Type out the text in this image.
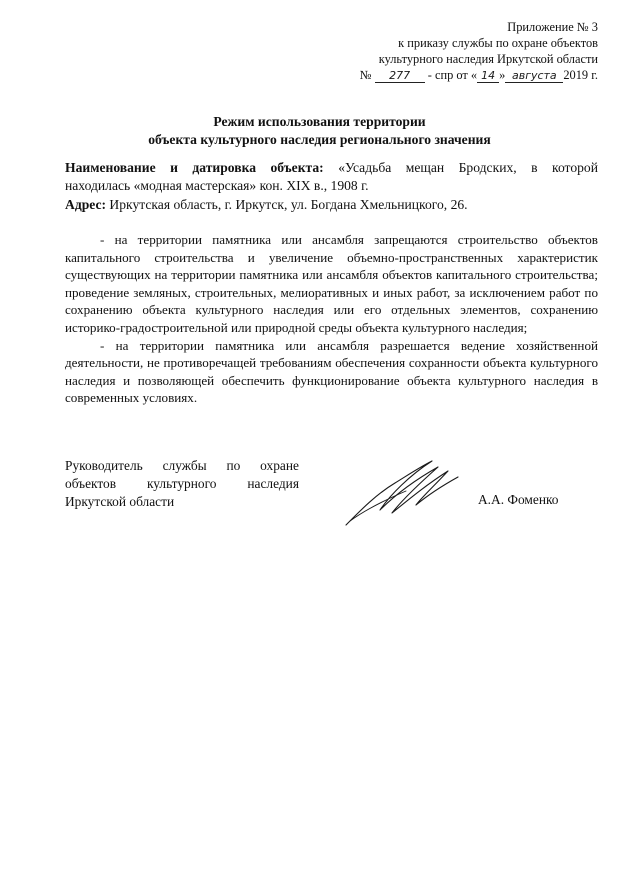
Приложение № 3
к приказу службы по охране объектов
культурного наследия Иркутской области
№ 277 - спр от « 14 » августа 2019 г.
Режим использования территории
объекта культурного наследия регионального значения
Наименование и датировка объекта: «Усадьба мещан Бродских, в которой
находилась «модная мастерская» кон. XIX в., 1908 г.
Адрес: Иркутская область, г. Иркутск, ул. Богдана Хмельницкого, 26.

- на территории памятника или ансамбля запрещаются строительство объектов капитального строительства и увеличение объемно-пространственных характеристик существующих на территории памятника или ансамбля объектов капитального строительства; проведение земляных, строительных, мелиоративных и иных работ, за исключением работ по сохранению объекта культурного наследия или его отдельных элементов, сохранению историко-градостроительной или природной среды объекта культурного наследия;

- на территории памятника или ансамбля разрешается ведение хозяйственной деятельности, не противоречащей требованиям обеспечения сохранности объекта культурного наследия и позволяющей обеспечить функционирование объекта культурного наследия в современных условиях.

Руководитель службы по охране
объектов культурного наследия
Иркутской области	А.А. Фоменко
